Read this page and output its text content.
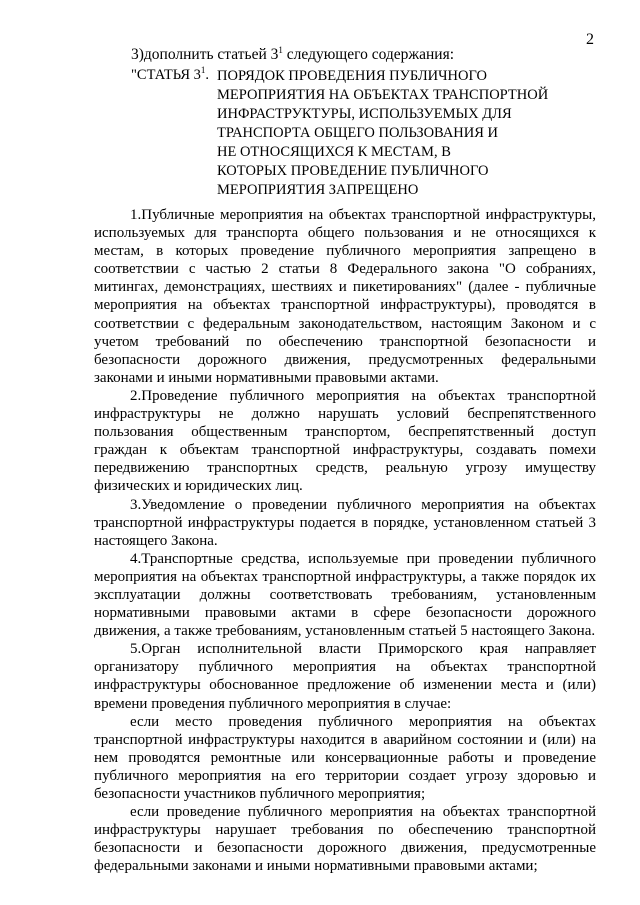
2
3)дополнить статьей $3^1$ следующего содержания:
"СТАТЬЯ $3^1$. ПОРЯДОК ПРОВЕДЕНИЯ ПУБЛИЧНОГО
МЕРОПРИЯТИЯ НА ОБЪЕКТАХ ТРАНСПОРТНОЙ
ИНФРАСТРУКТУРЫ, ИСПОЛЬЗУЕМЫХ ДЛЯ
ТРАНСПОРТА ОБЩЕГО ПОЛЬЗОВАНИЯ И
НЕ ОТНОСЯЩИХСЯ К МЕСТАМ, В
КОТОРЫХ ПРОВЕДЕНИЕ ПУБЛИЧНОГО
МЕРОПРИЯТИЯ ЗАПРЕЩЕНО

1.Публичные мероприятия на объектах транспортной инфраструктуры, используемых для транспорта общего пользования и не относящихся к местам, в которых проведение публичного мероприятия запрещено в соответствии с частью 2 статьи 8 Федерального закона "О собраниях, митингах, демонстрациях, шествиях и пикетированиях" (далее - публичные мероприятия на объектах транспортной инфраструктуры), проводятся в соответствии с федеральным законодательством, настоящим Законом и с учетом требований по обеспечению транспортной безопасности и безопасности дорожного движения, предусмотренных федеральными законами и иными нормативными правовыми актами.

2.Проведение публичного мероприятия на объектах транспортной инфраструктуры не должно нарушать условий беспрепятственного пользования общественным транспортом, беспрепятственный доступ граждан к объектам транспортной инфраструктуры, создавать помехи передвижению транспортных средств, реальную угрозу имуществу физических и юридических лиц.

3.Уведомление о проведении публичного мероприятия на объектах транспортной инфраструктуры подается в порядке, установленном статьей 3 настоящего Закона.

4.Транспортные средства, используемые при проведении публичного мероприятия на объектах транспортной инфраструктуры, а также порядок их эксплуатации должны соответствовать требованиям, установленным нормативными правовыми актами в сфере безопасности дорожного движения, а также требованиям, установленным статьей 5 настоящего Закона.

5.Орган исполнительной власти Приморского края направляет организатору публичного мероприятия на объектах транспортной инфраструктуры обоснованное предложение об изменении места и (или) времени проведения публичного мероприятия в случае:

если место проведения публичного мероприятия на объектах транспортной инфраструктуры находится в аварийном состоянии и (или) на нем проводятся ремонтные или консервационные работы и проведение публичного мероприятия на его территории создает угрозу здоровью и безопасности участников публичного мероприятия;

если проведение публичного мероприятия на объектах транспортной инфраструктуры нарушает требования по обеспечению транспортной безопасности и безопасности дорожного движения, предусмотренные федеральными законами и иными нормативными правовыми актами;
